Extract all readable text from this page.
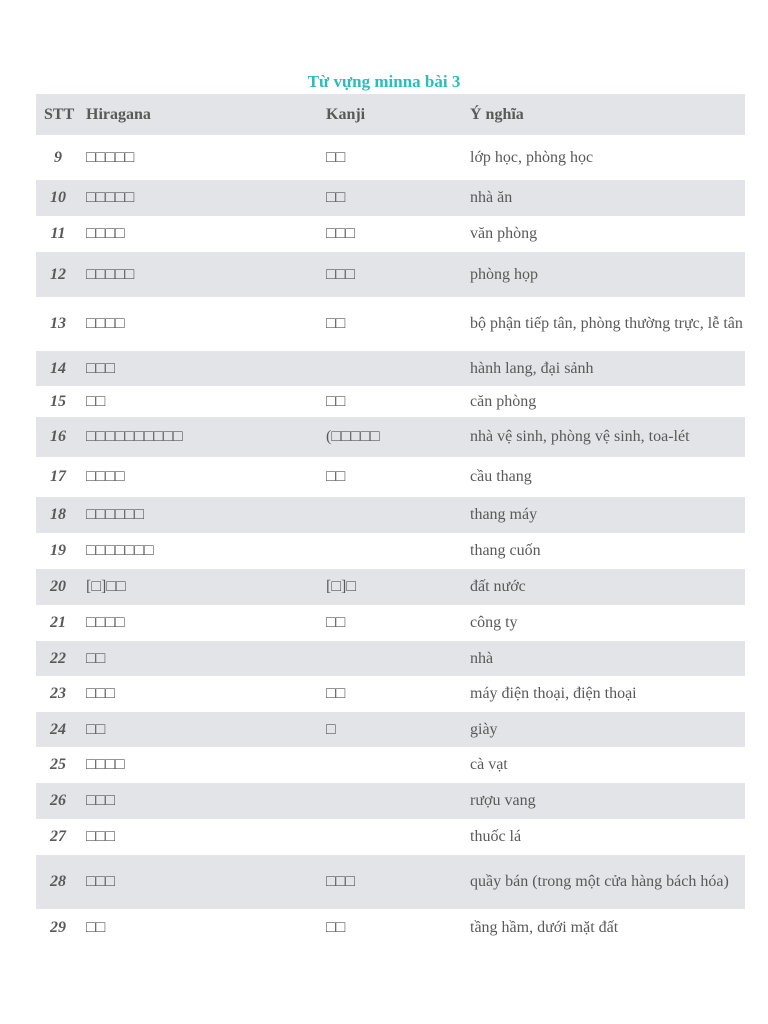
Từ vựng minna bài 3
STT	Hiragana	Kanji	Ý nghĩa
9	□□□□□	□□	lớp học, phòng học
10	□□□□□	□□	nhà ăn
11	□□□□	□□□	văn phòng
12	□□□□□	□□□	phòng họp
13	□□□□	□□	bộ phận tiếp tân, phòng thường trực, lễ tân
14	□□□		hành lang, đại sảnh
15	□□	□□	căn phòng
16	□□□□□□□□□□	(□□□□□	nhà vệ sinh, phòng vệ sinh, toa-lét
17	□□□□	□□	cầu thang
18	□□□□□□		thang máy
19	□□□□□□□		thang cuốn
20	[□]□□	[□]□	đất nước
21	□□□□	□□	công ty
22	□□		nhà
23	□□□	□□	máy điện thoại, điện thoại
24	□□	□	giày
25	□□□□		cà vạt
26	□□□		rượu vang
27	□□□		thuốc lá
28	□□□	□□□	quầy bán (trong một cửa hàng bách hóa)
29	□□	□□	tầng hầm, dưới mặt đất
